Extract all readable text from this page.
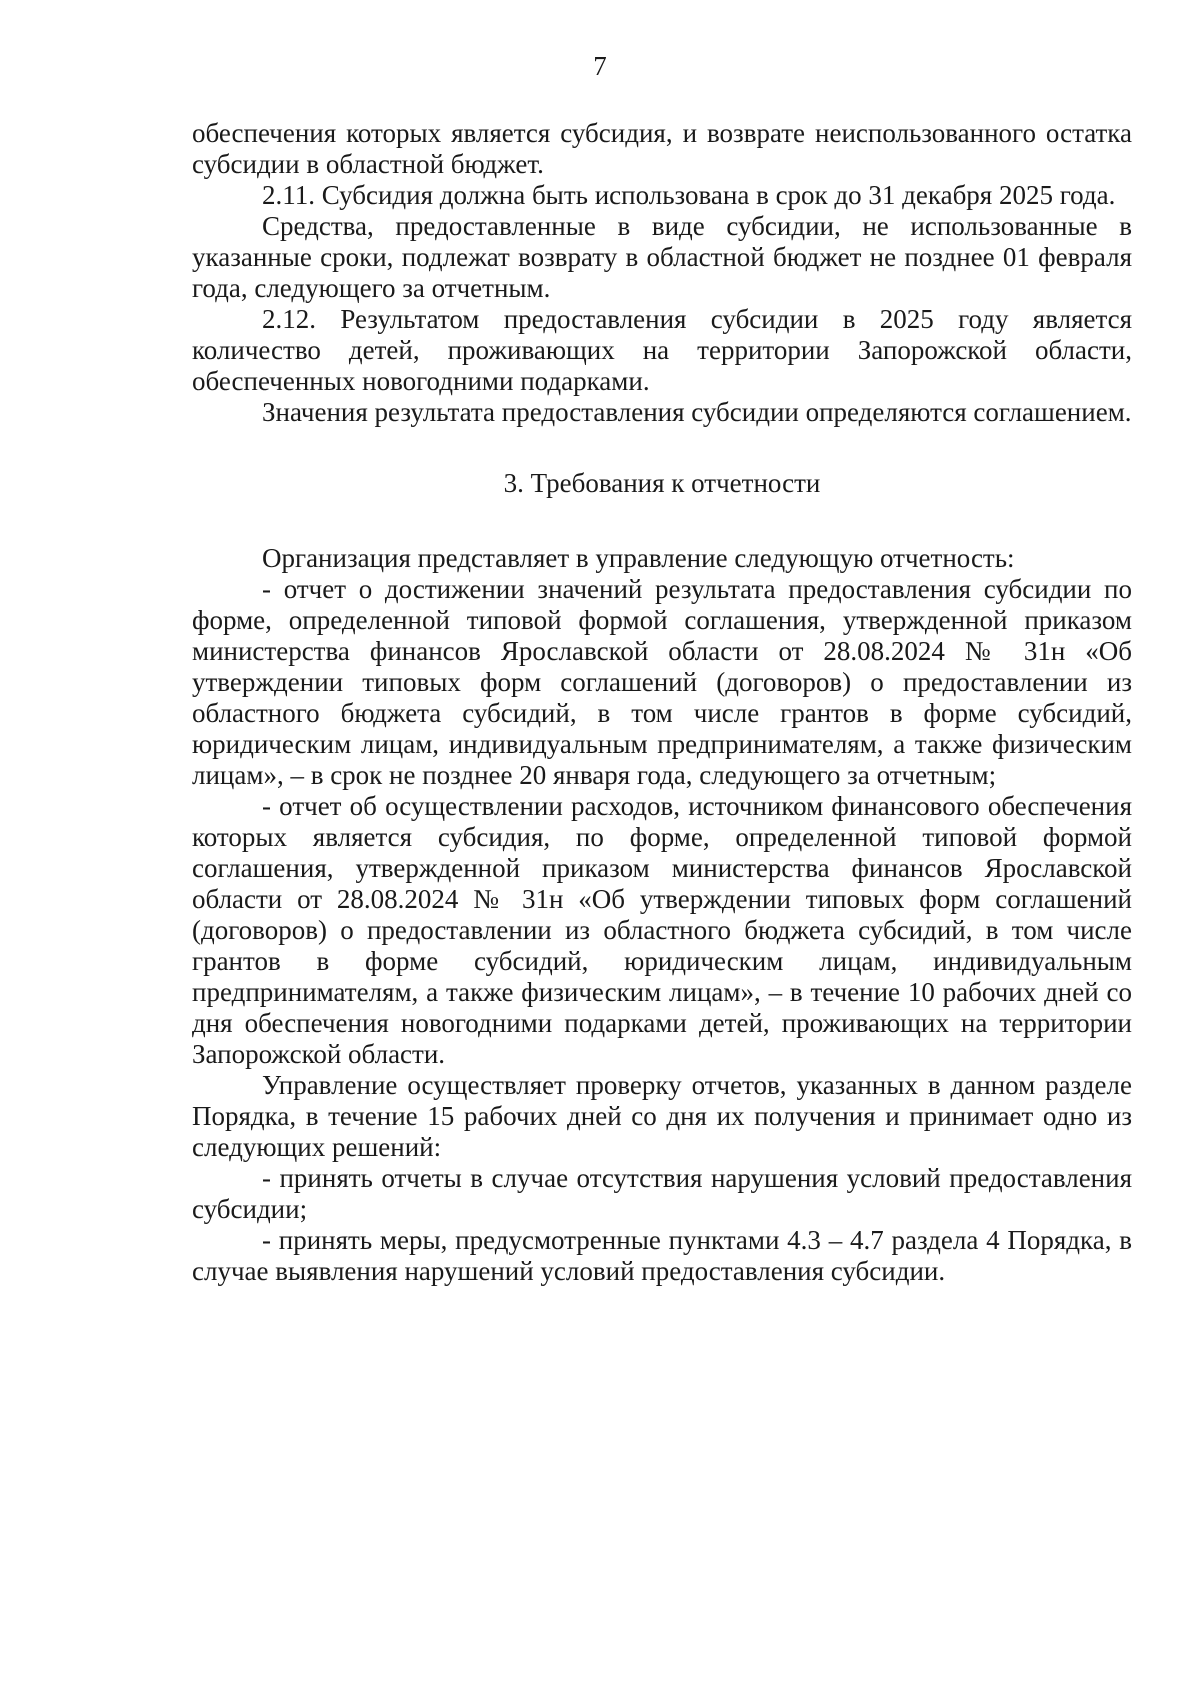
7

обеспечения которых является субсидия, и возврате неиспользованного остатка субсидии в областной бюджет.

2.11. Субсидия должна быть использована в срок до 31 декабря 2025 года.

Средства, предоставленные в виде субсидии, не использованные в указанные сроки, подлежат возврату в областной бюджет не позднее 01 февраля года, следующего за отчетным.

2.12. Результатом предоставления субсидии в 2025 году является количество детей, проживающих на территории Запорожской области, обеспеченных новогодними подарками.

Значения результата предоставления субсидии определяются соглашением.

3. Требования к отчетности

Организация представляет в управление следующую отчетность:

- отчет о достижении значений результата предоставления субсидии по форме, определенной типовой формой соглашения, утвержденной приказом министерства финансов Ярославской области от 28.08.2024 № 31н «Об утверждении типовых форм соглашений (договоров) о предоставлении из областного бюджета субсидий, в том числе грантов в форме субсидий, юридическим лицам, индивидуальным предпринимателям, а также физическим лицам», – в срок не позднее 20 января года, следующего за отчетным;

- отчет об осуществлении расходов, источником финансового обеспечения которых является субсидия, по форме, определенной типовой формой соглашения, утвержденной приказом министерства финансов Ярославской области от 28.08.2024 № 31н «Об утверждении типовых форм соглашений (договоров) о предоставлении из областного бюджета субсидий, в том числе грантов в форме субсидий, юридическим лицам, индивидуальным предпринимателям, а также физическим лицам», – в течение 10 рабочих дней со дня обеспечения новогодними подарками детей, проживающих на территории Запорожской области.

Управление осуществляет проверку отчетов, указанных в данном разделе Порядка, в течение 15 рабочих дней со дня их получения и принимает одно из следующих решений:

- принять отчеты в случае отсутствия нарушения условий предоставления субсидии;

- принять меры, предусмотренные пунктами 4.3 – 4.7 раздела 4 Порядка, в случае выявления нарушений условий предоставления субсидии.
